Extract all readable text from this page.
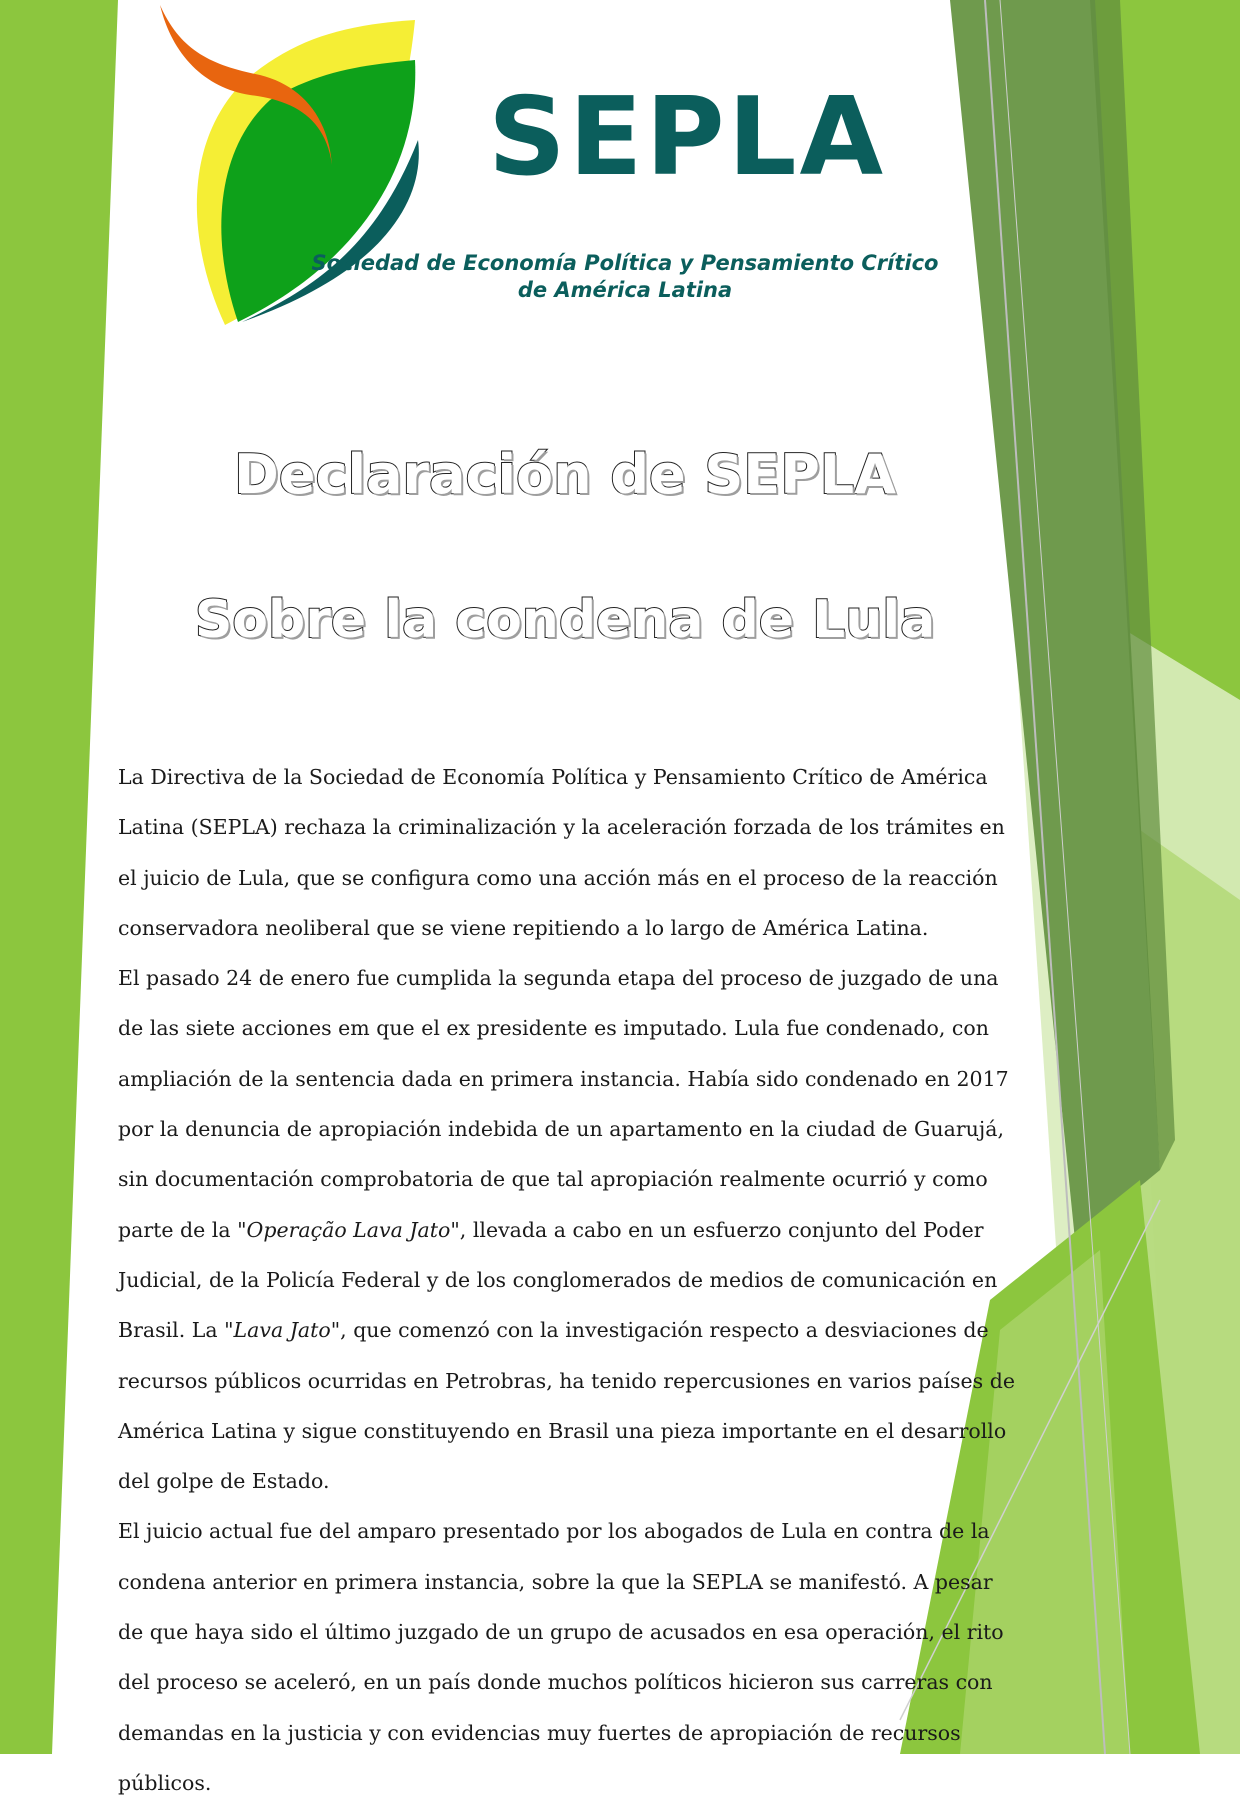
SEPLA
Sociedad de Economía Política y Pensamiento Crítico
de América Latina
Declaración de SEPLA
Sobre la condena de Lula

La Directiva de la Sociedad de Economía Política y Pensamiento Crítico de América Latina (SEPLA) rechaza la criminalización y la aceleración forzada de los trámites en el juicio de Lula, que se configura como una acción más en el proceso de la reacción conservadora neoliberal que se viene repitiendo a lo largo de América Latina.

El pasado 24 de enero fue cumplida la segunda etapa del proceso de juzgado de una de las siete acciones em que el ex presidente es imputado. Lula fue condenado, con ampliación de la sentencia dada en primera instancia. Había sido condenado en 2017 por la denuncia de apropiación indebida de un apartamento en la ciudad de Guarujá, sin documentación comprobatoria de que tal apropiación realmente ocurrió y como parte de la "Operação Lava Jato", llevada a cabo en un esfuerzo conjunto del Poder Judicial, de la Policía Federal y de los conglomerados de medios de comunicación en Brasil. La "Lava Jato", que comenzó con la investigación respecto a desviaciones de recursos públicos ocurridas en Petrobras, ha tenido repercusiones en varios países de América Latina y sigue constituyendo en Brasil una pieza importante en el desarrollo del golpe de Estado.

El juicio actual fue del amparo presentado por los abogados de Lula en contra de la condena anterior en primera instancia, sobre la que la SEPLA se manifestó. A pesar de que haya sido el último juzgado de un grupo de acusados en esa operación, el rito del proceso se aceleró, en un país donde muchos políticos hicieron sus carreras con demandas en la justicia y con evidencias muy fuertes de apropiación de recursos públicos.
